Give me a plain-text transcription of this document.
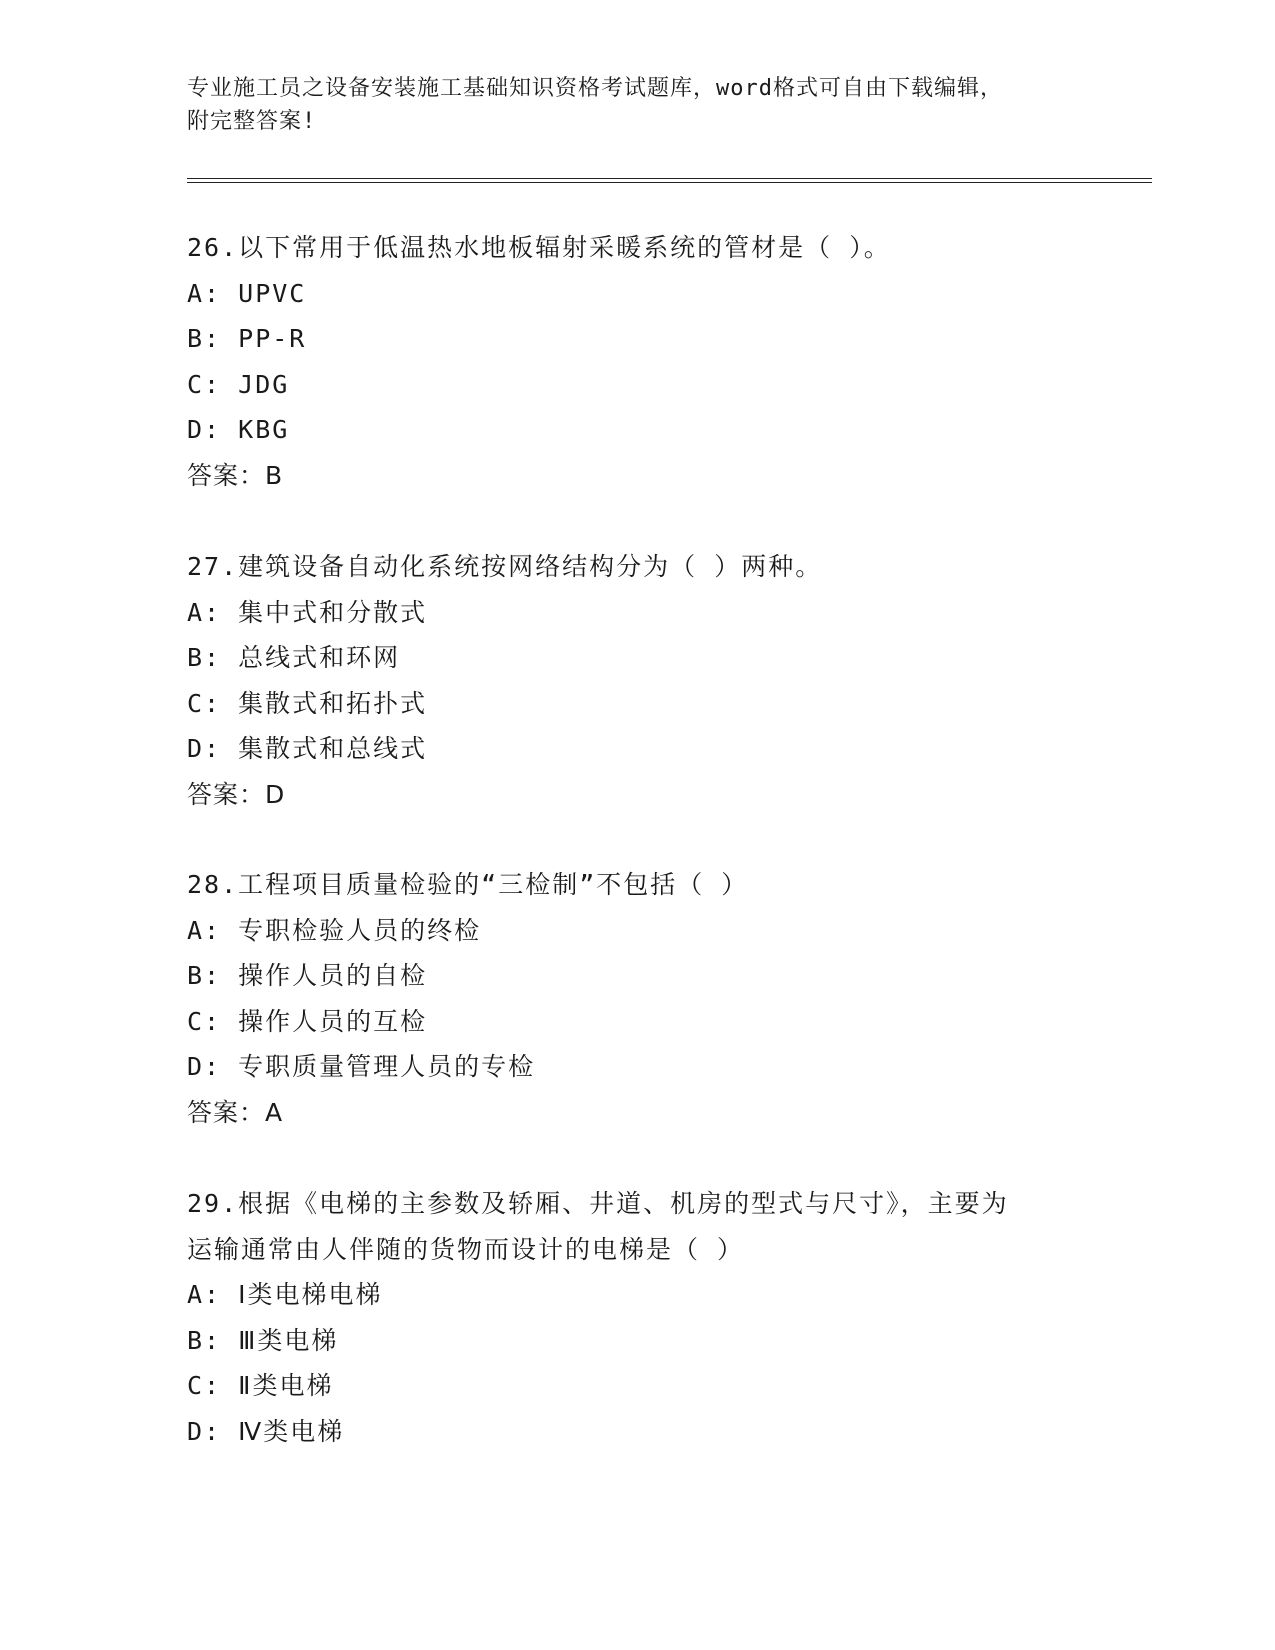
专业施工员之设备安装施工基础知识资格考试题库，word格式可自由下载编辑，
附完整答案!
26.以下常用于低温热水地板辐射采暖系统的管材是（ ）。
A: UPVC
B: PP-R
C: JDG
D: KBG
答案：B
27.建筑设备自动化系统按网络结构分为（ ）两种。
A: 集中式和分散式
B: 总线式和环网
C: 集散式和拓扑式
D: 集散式和总线式
答案：D
28.工程项目质量检验的“三检制”不包括（ ）
A: 专职检验人员的终检
B: 操作人员的自检
C: 操作人员的互检
D: 专职质量管理人员的专检
答案：A
29.根据《电梯的主参数及轿厢、井道、机房的型式与尺寸》，主要为
运输通常由人伴随的货物而设计的电梯是（ ）
A: Ⅰ类电梯电梯
B: Ⅲ类电梯
C: Ⅱ类电梯
D: Ⅳ类电梯
